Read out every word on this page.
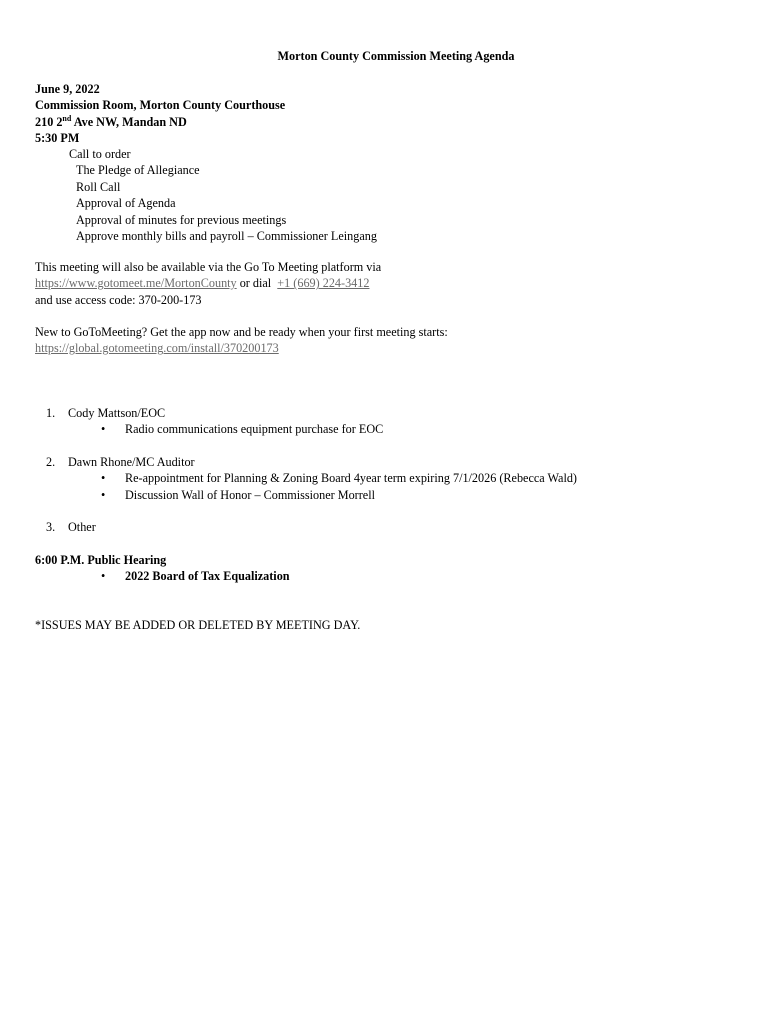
Morton County Commission Meeting Agenda
June 9, 2022
Commission Room, Morton County Courthouse
210 2nd Ave NW, Mandan ND
5:30 PM
Call to order
The Pledge of Allegiance
Roll Call
Approval of Agenda
Approval of minutes for previous meetings
Approve monthly bills and payroll – Commissioner Leingang
This meeting will also be available via the Go To Meeting platform via
https://www.gotomeet.me/MortonCounty or dial  +1 (669) 224-3412
and use access code: 370-200-173
New to GoToMeeting? Get the app now and be ready when your first meeting starts:
https://global.gotomeeting.com/install/370200173
1. Cody Mattson/EOC
• Radio communications equipment purchase for EOC
2. Dawn Rhone/MC Auditor
• Re-appointment for Planning & Zoning Board 4year term expiring 7/1/2026 (Rebecca Wald)
• Discussion Wall of Honor – Commissioner Morrell
3. Other
6:00 P.M. Public Hearing
• 2022 Board of Tax Equalization
*ISSUES MAY BE ADDED OR DELETED BY MEETING DAY.
